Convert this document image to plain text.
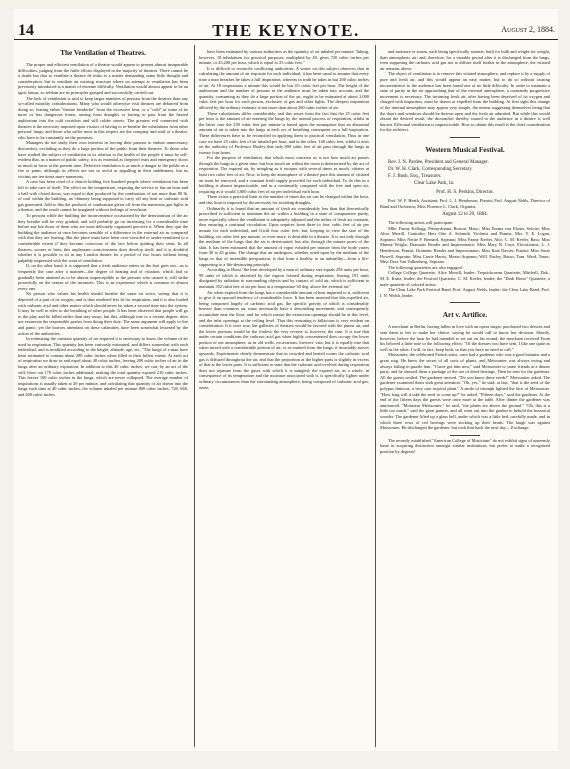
14	THE KEYNOTE.	August 2, 1884.
The Ventilation of Theatres.

The proper and efficient ventilation of a theatre would appear to present almost insuperable difficulties, judging from the futile efforts displayed in the majority of theatres. There cannot be a doubt but that to ventilate a theatre de initio is a matter demanding some little thought and consideration, but to ventilate an existing structure where no attempt at ventilation has been previously introduced is a matter of extreme difficulty. Ventilation would almost appear to be an ignis fatuus, so seldom are its principles grasped and successfully carried out.

The lack of ventilation is said to keep larger numbers of persons from the theatres than any so-called morality considerations. Many who would otherwise visit theatres are debarred from doing so, fearing either "theatre headache" from the excessive heat, or a "cold" in some of its more or less dangerous forms, arising from draughts or having to pass from the heated auditorium into the cold corridors and still colder streets. The greatest evil connected with theatres is the necessity imposed upon visitors of having to re-breathe the exhalations from other persons' lungs, and those who suffer most in this respect are the company and staff of a theatre, who have to be constantly on the premises.

Managers do not study their own interests in forcing their patrons to endure unnecessary discomfort, excluding as they do a large portion of the public from their theatres. To those who have studied the subject of ventilation in its relation to the health of the people it must be self-evident that, as a matter of public safety, it is as essential as fireproof exits and emergency doors as much in favor at the present time. Defective ventilation is as much a danger to the public as a fire or panic, although its effects are not so awful or appalling in their suddenness, but its victims are ten times more numerous.

A case has been cited of a church holding five hundred people where ventilation has been left to take care of itself. The effect on the temperature, exposing the service to last an hour and a half with closed doors, was equal to that produced by the combustion of not more than 80 lb. of coal within the building, no chimney being supposed to carry off any heat or carbonic acid gas generated. Add to this the products of combustion given off from the numerous gas-lights in a theatre, and the result cannot be imagined without feelings of revulsion.

To persons while the building the inconvenience occasioned by the deterioration of the air they breathe will be very gradual, and will probably go on increasing for a considerable time before any but those of them who are most delicately organized perceive it. When they quit the building the audience at once becomes sensible of a difference in the external air as compared with that they are leaving. But the place must have been over-crowded or under-ventilated to a considerable extent if they become conscious of the fact before quitting their seats. In all theatres, sooner or later, this unpleasant consciousness does develop itself, and it is doubtful whether it is possible to sit in any London theatre for a period of two hours without being palpably impressed with the want of ventilation.

If, on the other hand, it is supposed that a fresh audience enters as the first goes out—as is frequently the case after a matinée—the degree of heating and of vitiation, which had so gradually been attained as to be almost imperceptible to the persons who caused it, will strike powerfully on the senses of the incomers. This is an experience which is common to almost every one.

No person who values his health should breathe the same air twice, seeing that it is deprived of a part of its oxygen, and is thus rendered less fit for respiration, and it is also loaded with carbonic acid and other matter which should never be taken a second time into the system. It may be well to refer to the breathing of other people. It has been observed that people will go to the play and be killed rather than stay away; but this, although true to a certain degree, does not exonerate the responsible parties from doing their duty. The same argument will apply to fire and panic; yet the horrors attendant on these calamities have been somewhat lessened by the action of the authorities.

In estimating the constant quantity of air required it is necessary to know the volume of air used in respiration. This quantity has been variously estimated, and differs somewhat with each individual, and is modified according to the height, altitude, age, etc. "The lungs of a man have been estimated to contain about 280 cubic inches when filled to their fullest extent. At each act of respiration we draw in and expel about 40 cubic inches, leaving 200 cubic inches of air in the lungs after an ordinary expiration. In addition to this 40 cubic inches, we can, by an act of the will, blow out 170 cubic inches additional, making the total quantity expired 210 cubic inches. This leaves 100 cubic inches in the lungs, which are never collapsed. The average number of inspirations is usually taken at 20 per minute, and calculating that quantity of air drawn into the lungs each time at 40 cubic inches, the volume inhaled per minute 800 cubic inches; 720, 660, and 400 cubic inches

have been estimated by various authorities as the quantity of air inhaled per minute. Taking, however, 18 inhalations for practical purposes, multiplied by 40, gives 720 cubic inches per minute, or 43,200 per hour, which is equal to 25 cubic feet."

It is difficult to reconcile conflicting authorities. A writer on this subject observes that in calculating the amount of air requisite for each individual, it has been usual to assume that every time a man breathes he takes a full inspiration, whereas in truth he takes in but 200 cubic inches of air. At 18 respirations a minute this would be but 4½ cubic feet per hour. The height of the auditorium and the number of persons in the audience must be taken into account, and the quantity, consuming as they do a large portion of the air, ought to be estimated at about 2,000 cubic feet per hour for each person, exclusive of gas and other lights. The deepest inspiration allowed by the ordinary estimate is not more than about 260 cubic inches of air.

These calculations differ considerably, and this arises from the fact that the 25 cubic feet per hour is the amount of air entering the lungs by the normal process of respiration, whilst in the latter case the 230 cubic feet per minute is based upon the assumption that an abnormal amount of air is taken into the lungs at each act of breathing consequent on a full inspiration. These differences have to be reconciled in applying them to practical ventilation. Thus in one case we have 25 cubic feet of air inhaled per hour, and in the other, 148 cubic feet, whilst it rests on the authority of Professor Huxley that only 800 cubic feet of air pass through the lungs in twenty four hours.

For the purpose of ventilation, that which most concerns us is not how much air passes through the lungs in a given time, but how much air within the room is deteriorated by the act of respiration. The expired air, by mingling as it escapes with several times as much, vitiates at least two cubic feet of air. Now, to keep the atmosphere of a theatre pure this amount of vitiated air must be removed, and a constant fresh supply provided for each individual. To do this in a building is almost impracticable, and in a continually compared with the free and open air, requiring as it would 3,000 cubic feet of air per individual each hour.

There exists a practical limit to the number of times the air can be changed within the hour, and this limit is imposed by the necessity for avoiding draughts.

Ordinarily it is found that an amount of fresh air considerably less than that theoretically prescribed is sufficient to maintain the air within a building in a state of comparative purity, more especially where the ventilation is adequately adjusted and the influx of fresh air constant, thus ensuring a continual circulation. Upon requires from three to four cubic feet of air per minute for each individual, and Gwilt four cubic feet; but, keeping in view the size of the building, six cubic feet per minute, or even more, is desirable in a theatre. It is not only through the medium of the lungs that the air is deteriorated, but also through the minute pores of the skin. It has been estimated that the amount of vapor exhaled per minute from the body varies from 30 to 45 grains. The change that air undergoes, whether acted upon by the medium of the lungs or that of insensible perspiration, is that from a healthy to an unhealthy—from a life-supporting to a life-destroying principle.

According to Hurst "the heat developed by a man of ordinary size equals 294 units per hour, 98 units of which is absorbed by the vapour formed during respiration, leaving 191 units dissipated by radiation to surrounding objects and by contact of cold air, which is sufficient to maintain 352 cubit feet of air per hour at a temperature 30 deg. above the external air."

Air when expired from the lungs has a considerable amount of heat imparted to it, sufficient to give it an upward tendency of considerable force. It has been asserted that this expelled air, being composed largely of carbonic acid gas, the specific gravity of which is considerably heavier than common air, must necessarily have a descending movement, and consequently accumulate near the floor, and for which reason the extraction openings should be at this level, and the inlet openings at the ceiling level. That this reasoning is fallacious is very evident on consideration. It it were true, the galleries of theatres would be favored with the purest air, and the lower portions would be the foulest; the very reverse is, however, the case. It is true that under certain conditions the carbonic acid gas when highly concentrated does occupy the lower portion of our atmosphere, as in old wells, excavations, brewers' vats; but it is equally true that when mixed with a considerable portion of air, or as emitted from the lungs, it invariably moves upwards. Experiments clearly demonstrate that in crowded and heated rooms the carbonic acid gas is diffused throughout the air, and that the proportion at the higher parts is slightly in excess of that at the lower parts. It is sufficient to state that the carbonic acid evolved during respiration does not separate from the gases with which it is mingled; the expired air, as a whole, in consequence of its temperature and the moisture associated with it, is specifically lighter under ordinary circumstances than the surrounding atmosphere; being composed of carbonic acid gas, azote,

and moisture or steam, each being specifically warmer, built for bulk and weight for weight, than atmospheric air; and, therefore, for a variable period after it is discharged from the lungs, even supposing the carbonic acid gas not to diffuse itself further in the atmosphere, the vitiated air remains above.

The object of ventilation is to remove this vitiated atmosphere, and replace it by a supply of pure and fresh air, and this would appear an easy matter, but to do so without causing inconvenience to the audience has been found one of no little difficulty. In order to maintain a state of purity in the air approaching that of the external atmosphere, a constantly progressive movement is necessary. The incoming fresh air, after having been deprived of its oxygen and charged with impurities, must be drawn or expelled from the building. At first sight this change of the internal atmosphere may appear very simple, the means suggesting themselves being that the doors and windows should be thrown open and the fresh air admitted. But while this would obtain the desired result, the discomfort thereby caused to the audience in a theatre is well known. Effectual ventilation is impracticable. How to obtain this result is the chief consideration for the architect.

Western Musical Festival.
Rev. I. N. Pardee, President and General Manager.
Dr. W. H. Clark, Corresponding Secretary.
F. J. Bush, Esq., Treasurer.
Clear Lake Park, Ia.
Prof. H. S. Perkins, Director.

Prof. W. F. Heath, Assistant; Prof. L. J. Henderson, Pianist; Prof. August Nehls, Director of Band and Orchestra; Miss Florence L. Clark, Organist.

August 12 to 20, 1884.

The following artists will participate:

Mlle. Fanny Kellogg, Prima-donna, Boston, Mass.; Miss Emma von Elsner, Soloist; Miss Alice Merrill, Contralto; Herr Otto A. Schmidt, Violinist and Pianist; Mrs. Y. E. Logan, Soprano; Miss Nettie F. Bernard, Soprano; Miss Fanny Keeler, Alto; C. M. Keeler, Bass; Miss Minnie Wright, Dramatic Reader and Impersonator; Miss Mary B. Coye, Elocutionist; L. J. Henderson, Pianist, Dramatic Reader and Impersonator; Miss Kate Davies, Pianist; Miss Susie Howell, Soprano; Miss Carrie Harris, Mezzo Soprano; Will. Easley, Basso; Tom. Ward, Tenor; Miss Dora Van Valkenberg, Soprano.

The following quartettes are also engaged:

College College Quartette, Alice Merrill, leader; Terpsichorean Quartette, Mitchell, Dak., M. E. Kratz, leader; the Festival Quartette, C. M. Keeler, leader; the "Dark Horse" Quartette, a male quartette of colored artists.

The Clear Lake Park Festival Band, Prof. August Nehls, leader; the Clear Lake Band, Prof. I. N. Welsh, leader.

Art v. Artifice.

A merchant in Berlin, having fallen in love with an opera singer, purchased two dresses and sent them to her to make her choice, saying he would call to know her decision. Shortly, however, before the hour he had intended to set out on his errand, the merchant received From his beloved a little note to the following effect: "Of the dresses you have sent, I like one quite as well as the other. I will, in fact, keep both, so that you have no need to call."

Meissonier, the celebrated French artist, once had a gardener who was a good botanist and a great wag. He knew the secret of all sorts of plants, and Meissonier was always trying and always failing to puzzle him. "I have got him now," said Meissonier to some friends at a dinner party, and he showed them a package of the roe of dried herrings. Then he sent for the gardener. All the guests smiled. The gardener arrived. "Do you know these seeds?" Meissonier asked. The gardener examined them with great attention. "Oh, yes," he said, at last; "that is the seed of the polypus finnicus, a very rare tropical plant." A smile of triumph lighted the face of Meissonier. "How long will it take the seed to come up?" he asked. "Fifteen days," said the gardener. At the end of the fifteen days the guests were once more at the table. After dinner the gardener was announced. "Monsieur Meissonier," he said, "the plants are above the ground." "Oh, this is a little too much," said the great painter, and all went out into the garden to behold the botanical wonder. The gardener lifted up a glass bell, under which was a little bed, carefully made, and in which three rows of red herrings were sticking up their heads. The laugh was against Meissonier. He discharged the gardener, but took him back the next day.—Exchange.

The recently established "American College of Musicians" do not exhibit signs of unseemly haste in acquiring distinction amongst similar institutions, but prefer to make a recognized position by degrees!
